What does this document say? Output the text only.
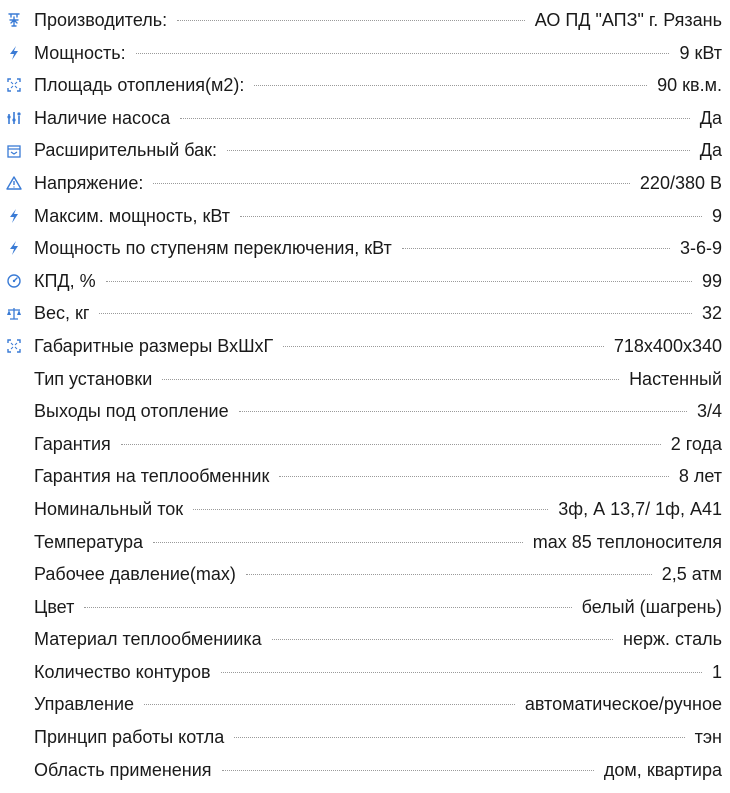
Производитель:	АО ПД "АПЗ" г. Рязань
Мощность:	9 кВт
Площадь отопления(м2):	90 кв.м.
Наличие насоса	Да
Расширительный бак:	Да
Напряжение:	220/380 В
Максим. мощность, кВт	9
Мощность по ступеням переключения, кВт	3-6-9
КПД, %	99
Вес, кг	32
Габаритные размеры ВхШхГ	718х400х340
Тип установки	Настенный
Выходы под отопление	3/4
Гарантия	2 года
Гарантия на теплообменник	8 лет
Номинальный ток	3ф, А 13,7/ 1ф, А41
Температура	max 85 теплоносителя
Рабочее давление(max)	2,5 атм
Цвет	белый (шагрень)
Материал теплообмениика	нерж. сталь
Количество контуров	1
Управление	автоматическое/ручное
Принцип работы котла	тэн
Область применения	дом, квартира
